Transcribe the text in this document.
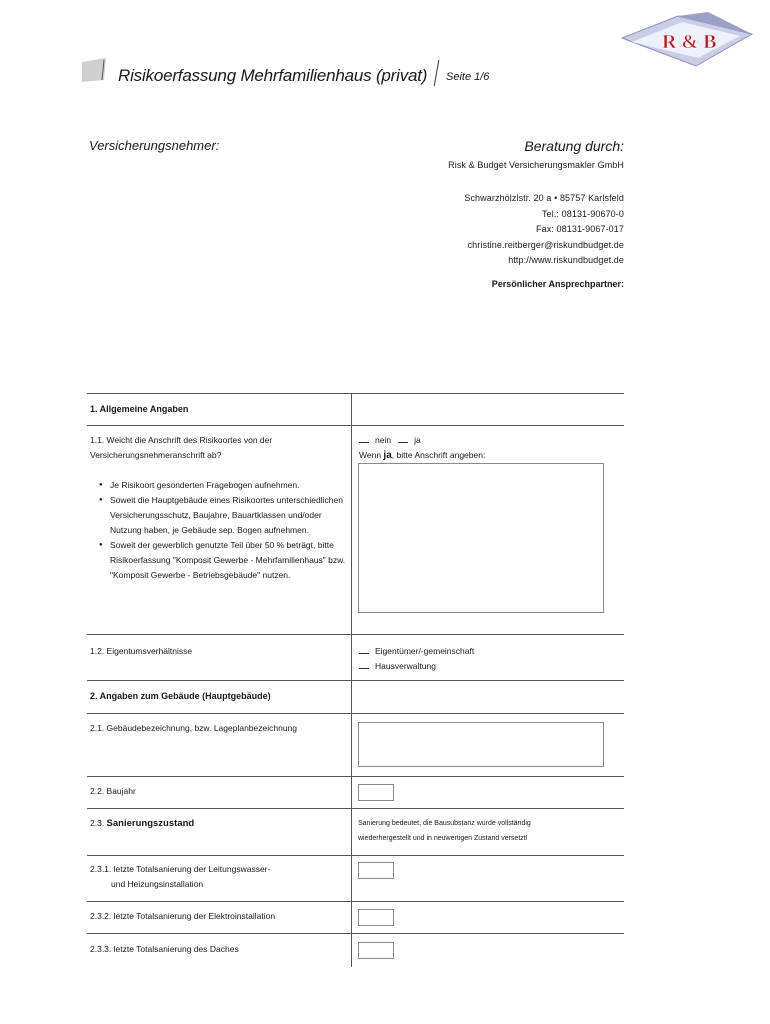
R & B
Risikoerfassung Mehrfamilienhaus (privat) Seite 1/6
Versicherungsnehmer:	Beratung durch:
Risk & Budget Versicherungsmakler GmbH
Schwarzhölzlstr. 20 a • 85757 Karlsfeld
Tel.: 08131-90670-0
Fax: 08131-9067-017
christine.reitberger@riskundbudget.de
http://www.riskundbudget.de
Persönlicher Ansprechpartner:
1. Allgemeine Angaben
1.1. Weicht die Anschrift des Risikoortes von der
Versicherungsnehmeranschrift ab?
nein	ja
Wenn ja, bitte Anschrift angeben:
● Je Risikoort gesonderten Fragebogen aufnehmen.
● Soweit die Hauptgebäude eines Risikoortes unterschiedlichen Versicherungsschutz, Baujahre, Bauartklassen und/oder Nutzung haben, je Gebäude sep. Bogen aufnehmen.
● Soweit der gewerblich genutzte Teil über 50 % beträgt, bitte Risikoerfassung "Komposit Gewerbe - Mehrfamilienhaus" bzw. "Komposit Gewerbe - Betriebsgebäude" nutzen.
1.2. Eigentumsverhältnisse	Eigentümer/-gemeinschaft
Hausverwaltung
2. Angaben zum Gebäude (Hauptgebäude)
2.1. Gebäudebezeichnung, bzw. Lageplanbezeichnung
2.2. Baujahr
2.3. Sanierungszustand	Sanierung bedeutet, die Bausubstanz wurde vollständig
wiederhergestellt und in neuwertigen Zustand versetzt!
2.3.1. letzte Totalsanierung der Leitungswasser-
und Heizungsinstallation
2.3.2. letzte Totalsanierung der Elektroinstallation
2.3.3. letzte Totalsanierung des Daches
